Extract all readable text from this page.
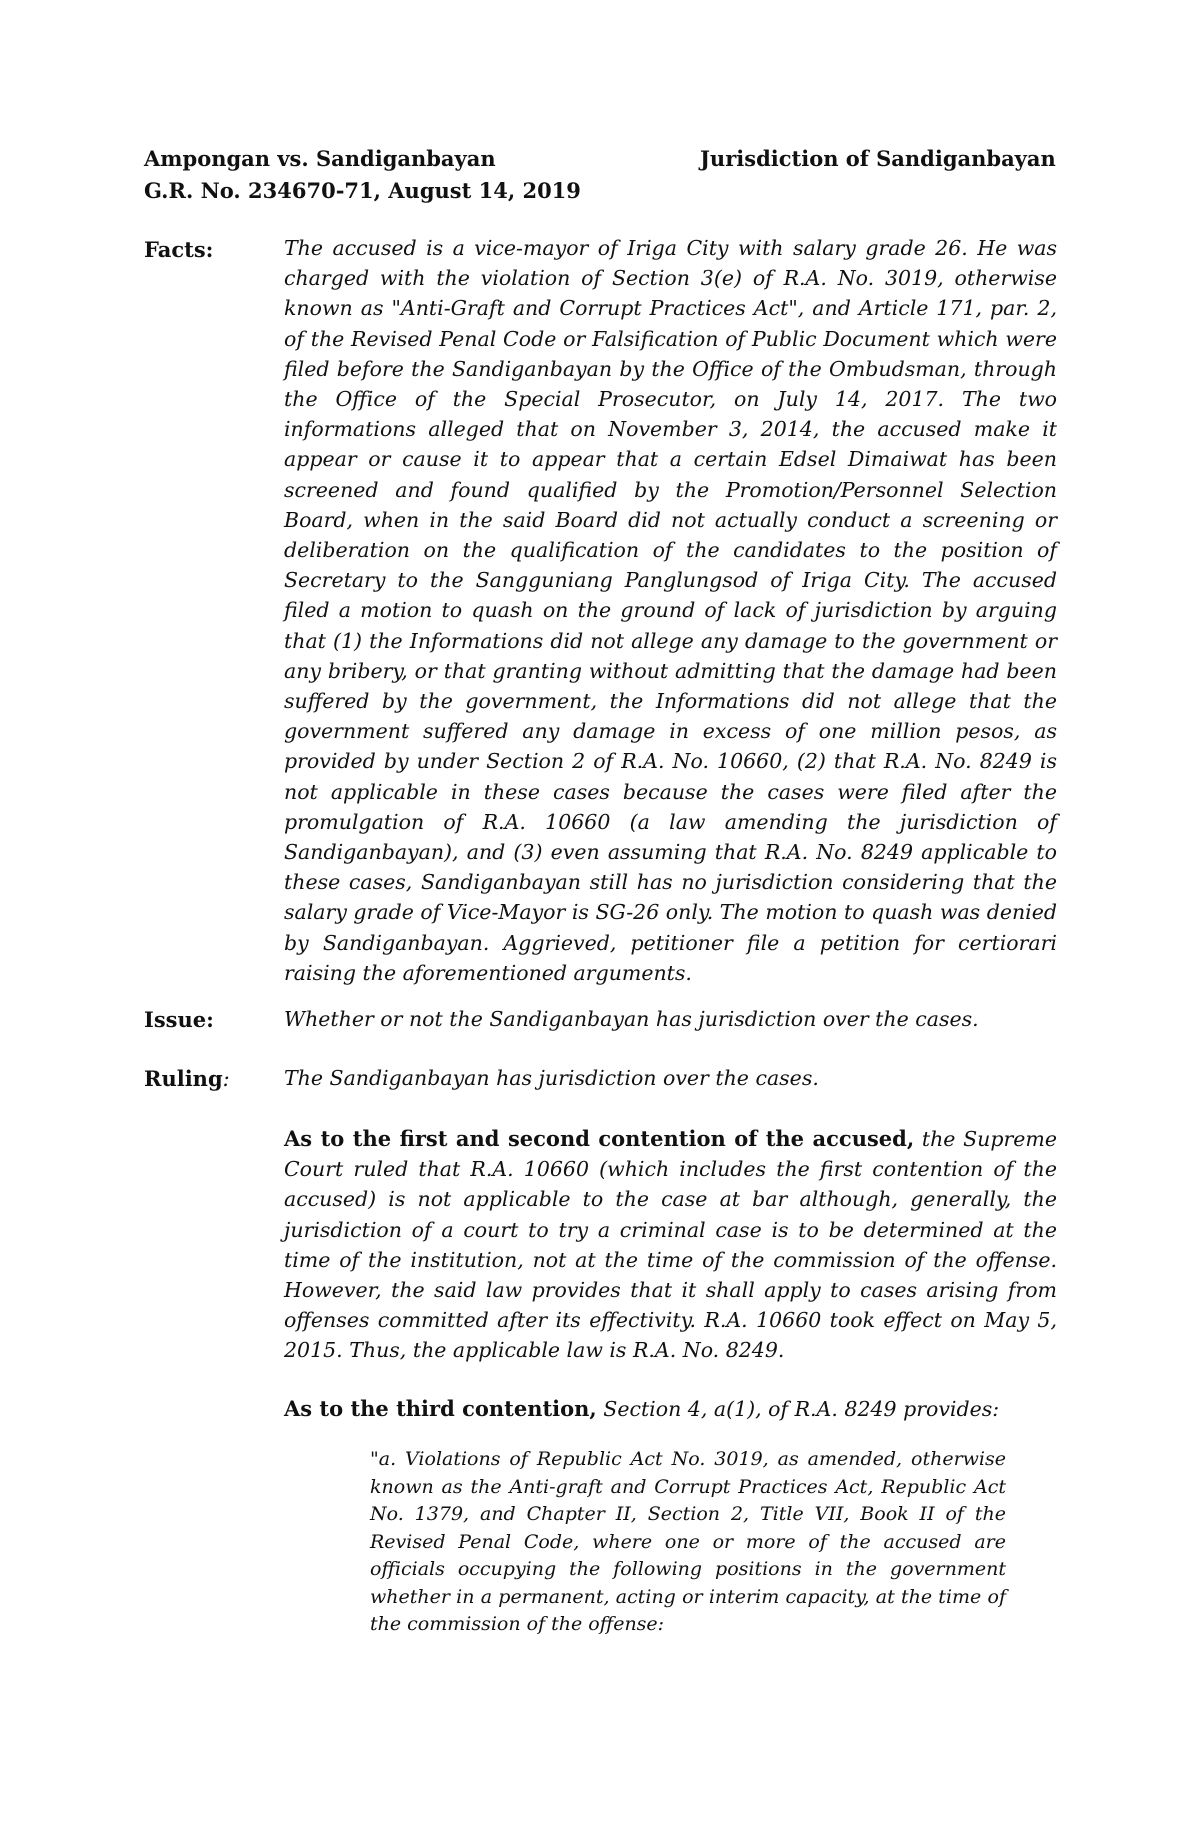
Ampongan vs. Sandiganbayan
G.R. No. 234670-71, August 14, 2019
Jurisdiction of Sandiganbayan
Facts:	The accused is a vice-mayor of Iriga City with salary grade 26. He was charged with the violation of Section 3(e) of R.A. No. 3019, otherwise known as "Anti-Graft and Corrupt Practices Act", and Article 171, par. 2, of the Revised Penal Code or Falsification of Public Document which were filed before the Sandiganbayan by the Office of the Ombudsman, through the Office of the Special Prosecutor, on July 14, 2017. The two informations alleged that on November 3, 2014, the accused make it appear or cause it to appear that a certain Edsel Dimaiwat has been screened and found qualified by the Promotion/Personnel Selection Board, when in the said Board did not actually conduct a screening or deliberation on the qualification of the candidates to the position of Secretary to the Sangguniang Panglungsod of Iriga City. The accused filed a motion to quash on the ground of lack of jurisdiction by arguing that (1) the Informations did not allege any damage to the government or any bribery, or that granting without admitting that the damage had been suffered by the government, the Informations did not allege that the government suffered any damage in excess of one million pesos, as provided by under Section 2 of R.A. No. 10660, (2) that R.A. No. 8249 is not applicable in these cases because the cases were filed after the promulgation of R.A. 10660 (a law amending the jurisdiction of Sandiganbayan), and (3) even assuming that R.A. No. 8249 applicable to these cases, Sandiganbayan still has no jurisdiction considering that the salary grade of Vice-Mayor is SG-26 only. The motion to quash was denied by Sandiganbayan. Aggrieved, petitioner file a petition for certiorari raising the aforementioned arguments.
Issue:	Whether or not the Sandiganbayan has jurisdiction over the cases.
Ruling:	The Sandiganbayan has jurisdiction over the cases.
As to the first and second contention of the accused, the Supreme Court ruled that R.A. 10660 (which includes the first contention of the accused) is not applicable to the case at bar although, generally, the jurisdiction of a court to try a criminal case is to be determined at the time of the institution, not at the time of the commission of the offense. However, the said law provides that it shall apply to cases arising from offenses committed after its effectivity. R.A. 10660 took effect on May 5, 2015. Thus, the applicable law is R.A. No. 8249.
As to the third contention, Section 4, a(1), of R.A. 8249 provides:
"a. Violations of Republic Act No. 3019, as amended, otherwise known as the Anti-graft and Corrupt Practices Act, Republic Act No. 1379, and Chapter II, Section 2, Title VII, Book II of the Revised Penal Code, where one or more of the accused are officials occupying the following positions in the government whether in a permanent, acting or interim capacity, at the time of the commission of the offense:
